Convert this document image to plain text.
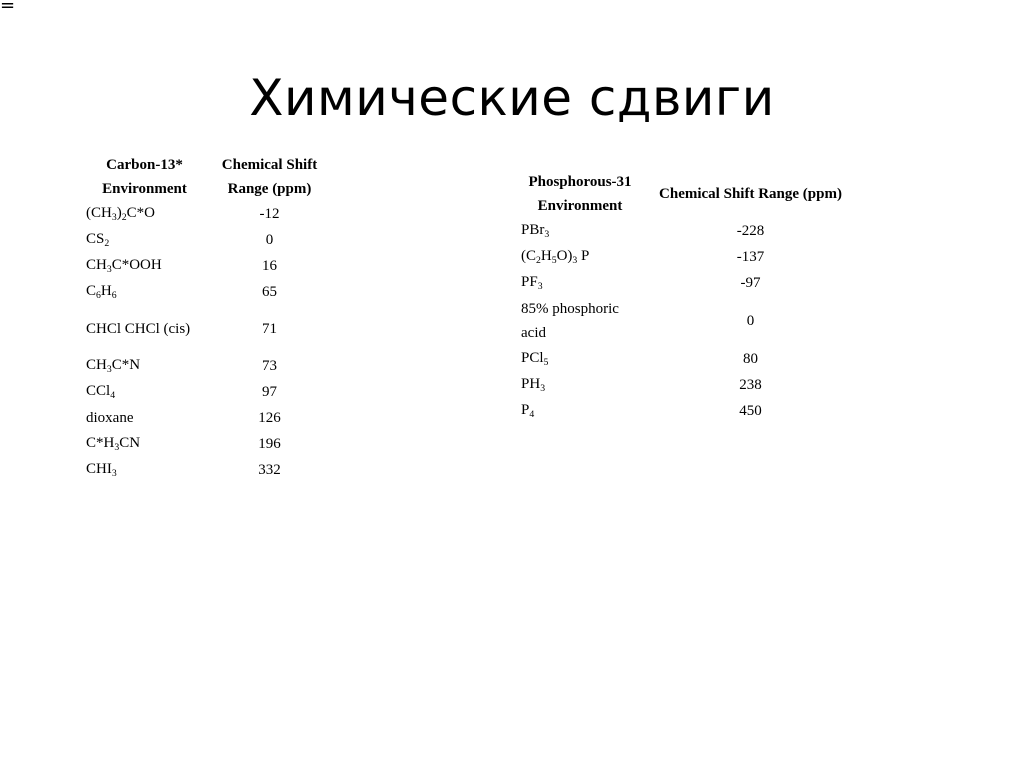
=
Химические сдвиги
Carbon-13* Environment	Chemical Shift Range (ppm)
$(CH_3)_2C*O$	-12
$CS_2$	0
$CH_3C*OOH$	16
$C_6H_6$	65
CHCl CHCl (cis)	71
$CH_3C*N$	73
CCl$_4$	97
dioxane	126
$C*H_3CN$	196
$CHI_3$	332
Phosphorous-31 Environment	Chemical Shift Range (ppm)
PBr$_3$	-228
$(C_2H_5O)_3$ P	-137
$PF_3$	-97
85% phosphoric acid	0
PCl$_5$	80
$PH_3$	238
$P_4$	450
